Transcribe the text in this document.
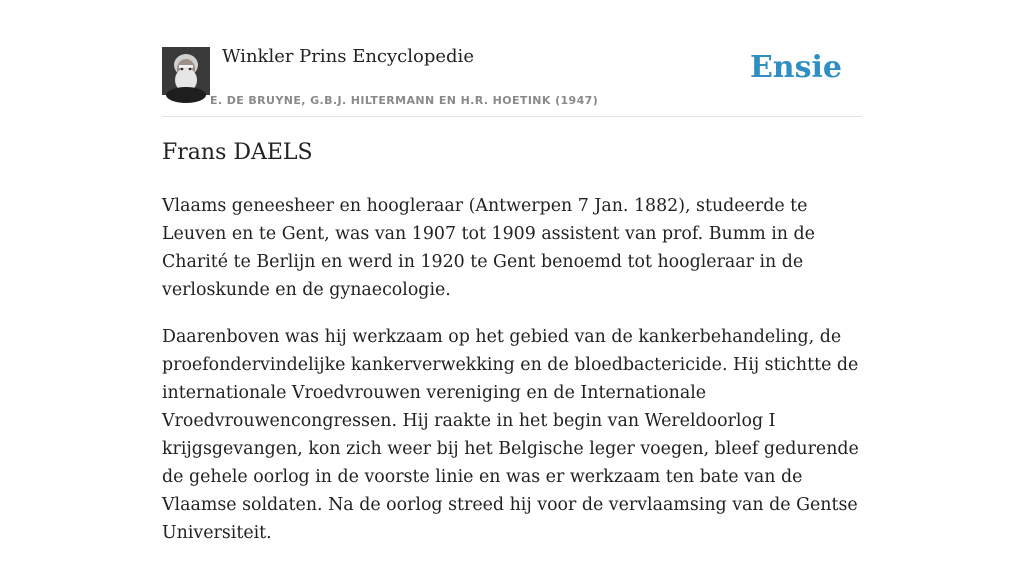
Winkler Prins Encyclopedie
E. DE BRUYNE, G.B.J. HILTERMANN EN H.R. HOETINK (1947)
Ensie
Frans DAELS

Vlaams geneesheer en hoogleraar (Antwerpen 7 Jan. 1882), studeerde te Leuven en te Gent, was van 1907 tot 1909 assistent van prof. Bumm in de Charité te Berlijn en werd in 1920 te Gent benoemd tot hoogleraar in de verloskunde en de gynaecologie.

Daarenboven was hij werkzaam op het gebied van de kankerbehandeling, de proefondervindelijke kankerverwekking en de bloedbactericide. Hij stichtte de internationale Vroedvrouwen vereniging en de Internationale Vroedvrouwencongressen. Hij raakte in het begin van Wereldoorlog I krijgsgevangen, kon zich weer bij het Belgische leger voegen, bleef gedurende de gehele oorlog in de voorste linie en was er werkzaam ten bate van de Vlaamse soldaten. Na de oorlog streed hij voor de vervlaamsing van de Gentse Universiteit.
